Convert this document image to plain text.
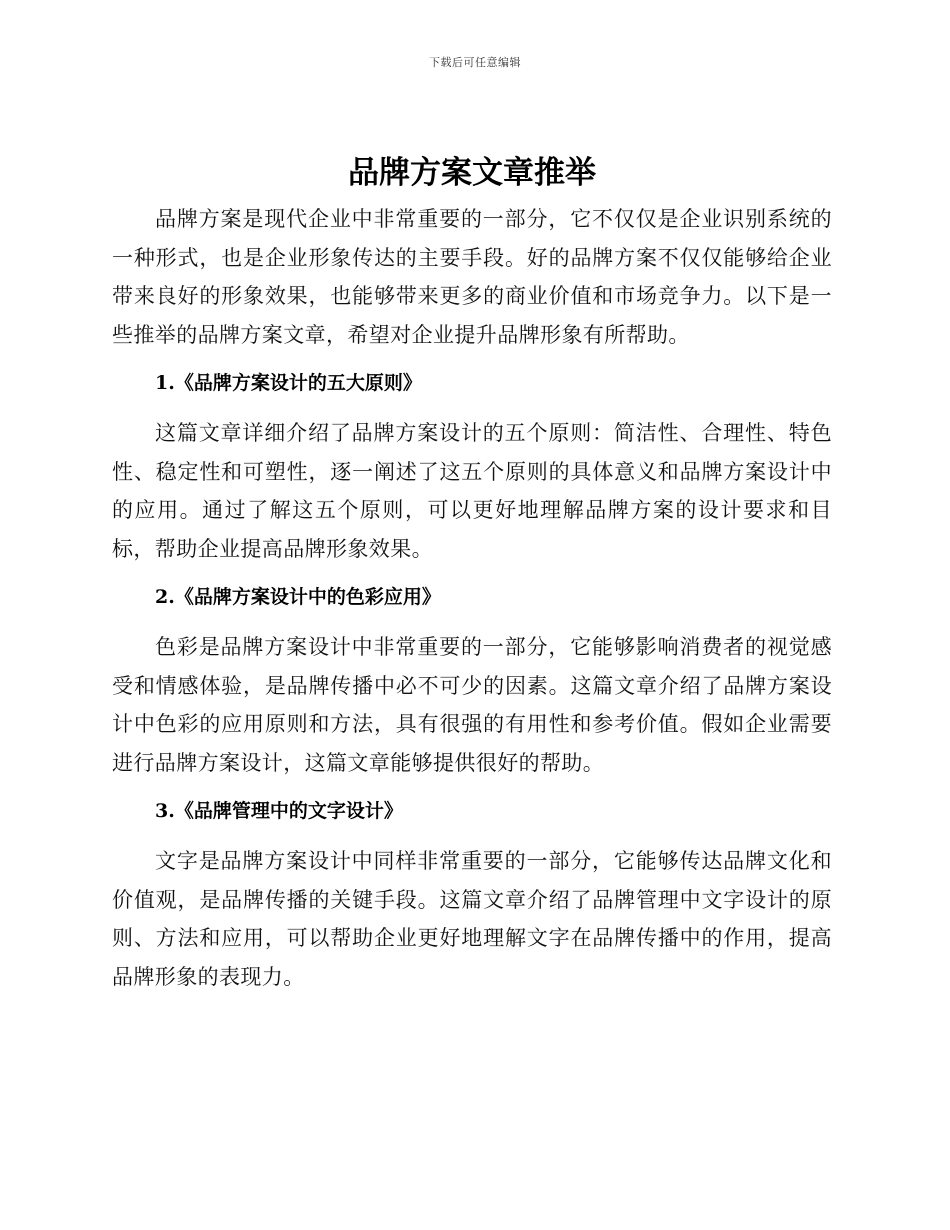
下载后可任意编辑
品牌方案文章推举

品牌方案是现代企业中非常重要的一部分，它不仅仅是企业识别系统的一种形式，也是企业形象传达的主要手段。好的品牌方案不仅仅能够给企业带来良好的形象效果，也能够带来更多的商业价值和市场竞争力。以下是一些推举的品牌方案文章，希望对企业提升品牌形象有所帮助。

1.《品牌方案设计的五大原则》

这篇文章详细介绍了品牌方案设计的五个原则：简洁性、合理性、特色性、稳定性和可塑性，逐一阐述了这五个原则的具体意义和品牌方案设计中的应用。通过了解这五个原则，可以更好地理解品牌方案的设计要求和目标，帮助企业提高品牌形象效果。

2.《品牌方案设计中的色彩应用》

色彩是品牌方案设计中非常重要的一部分，它能够影响消费者的视觉感受和情感体验，是品牌传播中必不可少的因素。这篇文章介绍了品牌方案设计中色彩的应用原则和方法，具有很强的有用性和参考价值。假如企业需要进行品牌方案设计，这篇文章能够提供很好的帮助。

3.《品牌管理中的文字设计》

文字是品牌方案设计中同样非常重要的一部分，它能够传达品牌文化和价值观，是品牌传播的关键手段。这篇文章介绍了品牌管理中文字设计的原则、方法和应用，可以帮助企业更好地理解文字在品牌传播中的作用，提高品牌形象的表现力。
